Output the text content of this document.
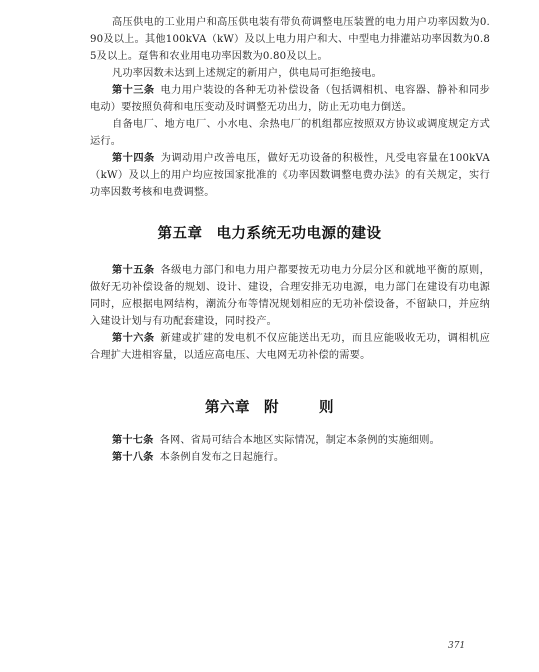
高压供电的工业用户和高压供电装有带负荷调整电压装置的电力用户功率因数为0.90及以上。其他100kVA（kW）及以上电力用户和大、中型电力排灌站功率因数为0.85及以上。趸售和农业用电功率因数为0.80及以上。

凡功率因数未达到上述规定的新用户，供电局可拒绝接电。

第十三条 电力用户装设的各种无功补偿设备（包括调相机、电容器、静补和同步电动）要按照负荷和电压变动及时调整无功出力，防止无功电力倒送。

自备电厂、地方电厂、小水电、余热电厂的机组都应按照双方协议或调度规定方式运行。

第十四条 为调动用户改善电压，做好无功设备的积极性，凡受电容量在100kVA（kW）及以上的用户均应按国家批准的《功率因数调整电费办法》的有关规定，实行功率因数考核和电费调整。

第五章 电力系统无功电源的建设

第十五条 各级电力部门和电力用户都要按无功电力分层分区和就地平衡的原则，做好无功补偿设备的规划、设计、建设，合理安排无功电源，电力部门在建设有功电源同时，应根据电网结构，潮流分布等情况规划相应的无功补偿设备，不留缺口，并应纳入建设计划与有功配套建设，同时投产。

第十六条 新建或扩建的发电机不仅应能送出无功，而且应能吸收无功，调相机应合理扩大进相容量，以适应高电压、大电网无功补偿的需要。

第六章 附	则

第十七条 各网、省局可结合本地区实际情况，制定本条例的实施细则。

第十八条 本条例自发布之日起施行。

371
